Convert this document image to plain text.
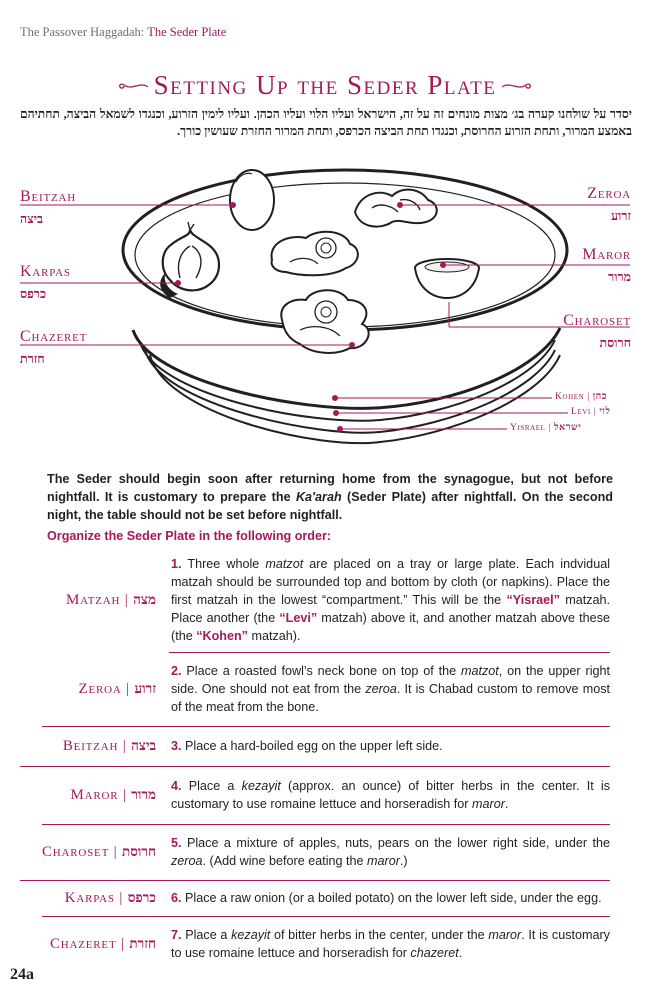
The Passover Haggadah: The Seder Plate
Setting Up the Seder Plate
יסדר על שולחנו קערה בג׳ מצות מונחים זה על זה, הישראל ועליו הלוי ועליו הכהן. ועליו לימין הזרוע, וכנגדו לשמאל הביצה, תחתיהם באמצע המרור, ותחת הזרוע החרוסת, וכנגדו תחת הביצה הכרפס, ותחת המרור החזרת שעושין כורך.
Beitzah
ביצה
Zeroa
זרוע
Karpas
כרפס
Maror
מרור
Chazeret
חזרת
Charoset
חרוסת
Kohen | כהן
Levi | לוי
Yisrael | ישראל
The Seder should begin soon after returning home from the synagogue, but not before nightfall. It is customary to prepare the Ka'arah (Seder Plate) after nightfall. On the second night, the table should not be set before nightfall.
Organize the Seder Plate in the following order:
Matzah | מצה
1. Three whole matzot are placed on a tray or large plate. Each indvidual matzah should be surrounded top and bottom by cloth (or napkins). Place the first matzah in the lowest “compartment.” This will be the “Yisrael” matzah. Place another (the “Levi” matzah) above it, and another matzah above these (the “Kohen” matzah).
Zeroa | זרוע
2. Place a roasted fowl’s neck bone on top of the matzot, on the upper right side. One should not eat from the zeroa. It is Chabad custom to remove most of the meat from the bone.
Beitzah | ביצה 3. Place a hard-boiled egg on the upper left side.
Maror | מרור
4. Place a kezayit (approx. an ounce) of bitter herbs in the center. It is customary to use romaine lettuce and horseradish for maror.
Charoset | חרוסת
5. Place a mixture of apples, nuts, pears on the lower right side, under the zeroa. (Add wine before eating the maror.)
Karpas | כרפס 6. Place a raw onion (or a boiled potato) on the lower left side, under the egg.
Chazeret | חזרת
7. Place a kezayit of bitter herbs in the center, under the maror. It is customary to use romaine lettuce and horseradish for chazeret.
24a
